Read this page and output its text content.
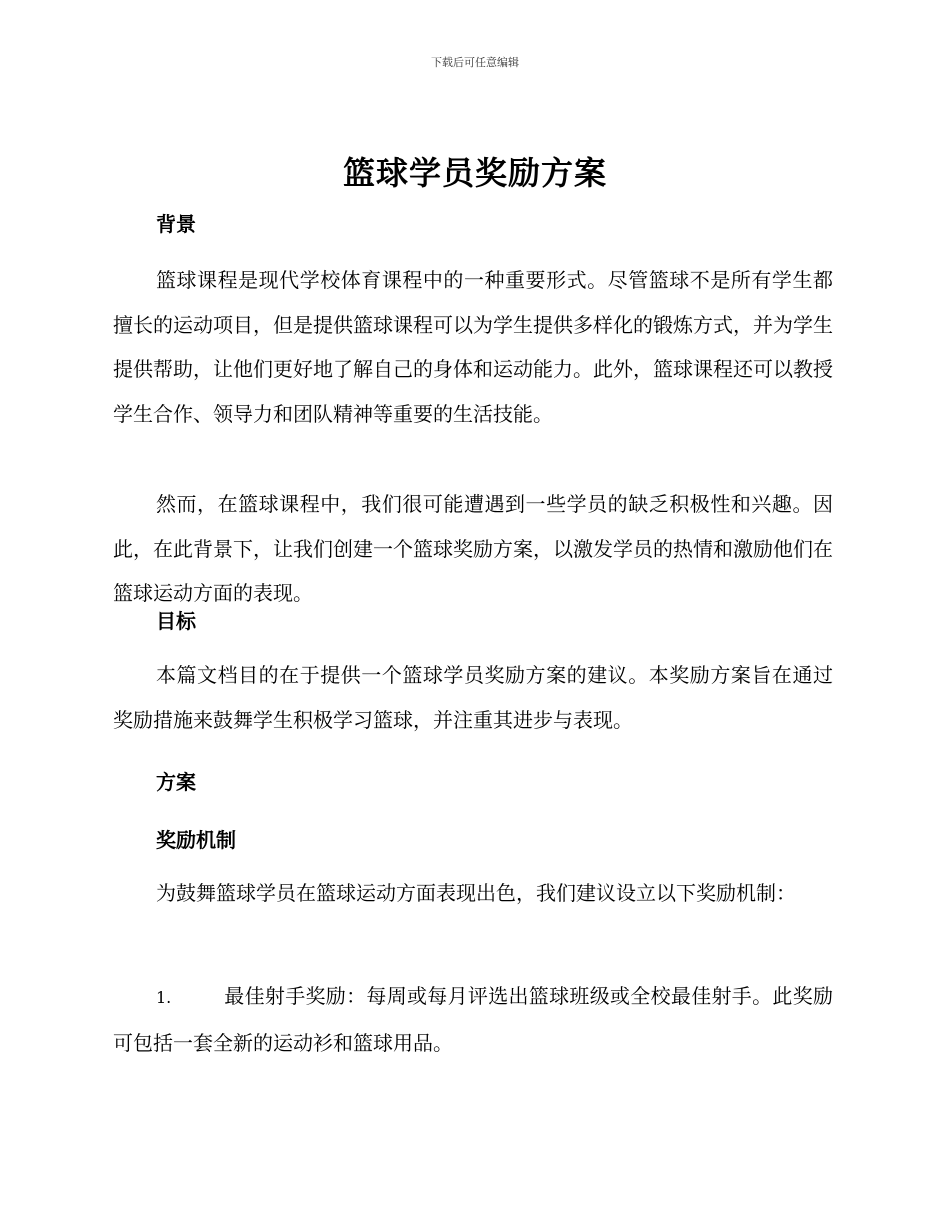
下载后可任意编辑
篮球学员奖励方案
背景

篮球课程是现代学校体育课程中的一种重要形式。尽管篮球不是所有学生都擅长的运动项目，但是提供篮球课程可以为学生提供多样化的锻炼方式，并为学生提供帮助，让他们更好地了解自己的身体和运动能力。此外，篮球课程还可以教授学生合作、领导力和团队精神等重要的生活技能。

然而，在篮球课程中，我们很可能遭遇到一些学员的缺乏积极性和兴趣。因此，在此背景下，让我们创建一个篮球奖励方案，以激发学员的热情和激励他们在篮球运动方面的表现。

目标

本篇文档目的在于提供一个篮球学员奖励方案的建议。本奖励方案旨在通过奖励措施来鼓舞学生积极学习篮球，并注重其进步与表现。

方案
奖励机制

为鼓舞篮球学员在篮球运动方面表现出色，我们建议设立以下奖励机制：

1.	最佳射手奖励：每周或每月评选出篮球班级或全校最佳射手。此奖励可包括一套全新的运动衫和篮球用品。
